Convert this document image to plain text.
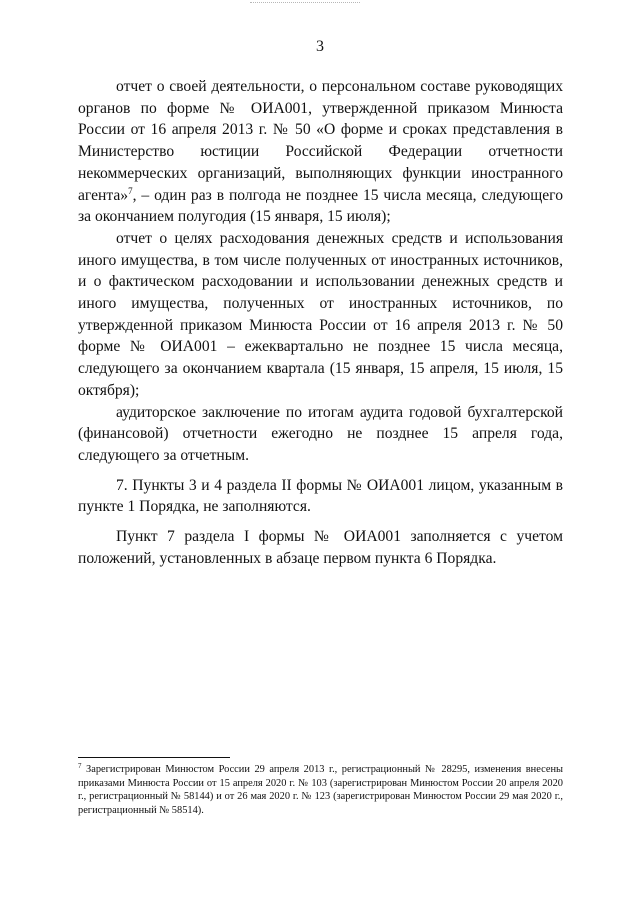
3

отчет о своей деятельности, о персональном составе руководящих органов по форме № ОИА001, утвержденной приказом Минюста России от 16 апреля 2013 г. № 50 «О форме и сроках представления в Министерство юстиции Российской Федерации отчетности некоммерческих организаций, выполняющих функции иностранного агента»$^7$, – один раз в полгода не позднее 15 числа месяца, следующего за окончанием полугодия (15 января, 15 июля);

отчет о целях расходования денежных средств и использования иного имущества, в том числе полученных от иностранных источников, и о фактическом расходовании и использовании денежных средств и иного имущества, полученных от иностранных источников, по утвержденной приказом Минюста России от 16 апреля 2013 г. № 50 форме № ОИА001 – ежеквартально не позднее 15 числа месяца, следующего за окончанием квартала (15 января, 15 апреля, 15 июля, 15 октября);

аудиторское заключение по итогам аудита годовой бухгалтерской (финансовой) отчетности ежегодно не позднее 15 апреля года, следующего за отчетным.

7. Пункты 3 и 4 раздела II формы № ОИА001 лицом, указанным в пункте 1 Порядка, не заполняются.

Пункт 7 раздела I формы № ОИА001 заполняется с учетом положений, установленных в абзаце первом пункта 6 Порядка.

$^7$ Зарегистрирован Минюстом России 29 апреля 2013 г., регистрационный № 28295, изменения внесены приказами Минюста России от 15 апреля 2020 г. № 103 (зарегистрирован Минюстом России 20 апреля 2020 г., регистрационный № 58144) и от 26 мая 2020 г. № 123 (зарегистрирован Минюстом России 29 мая 2020 г., регистрационный № 58514).
